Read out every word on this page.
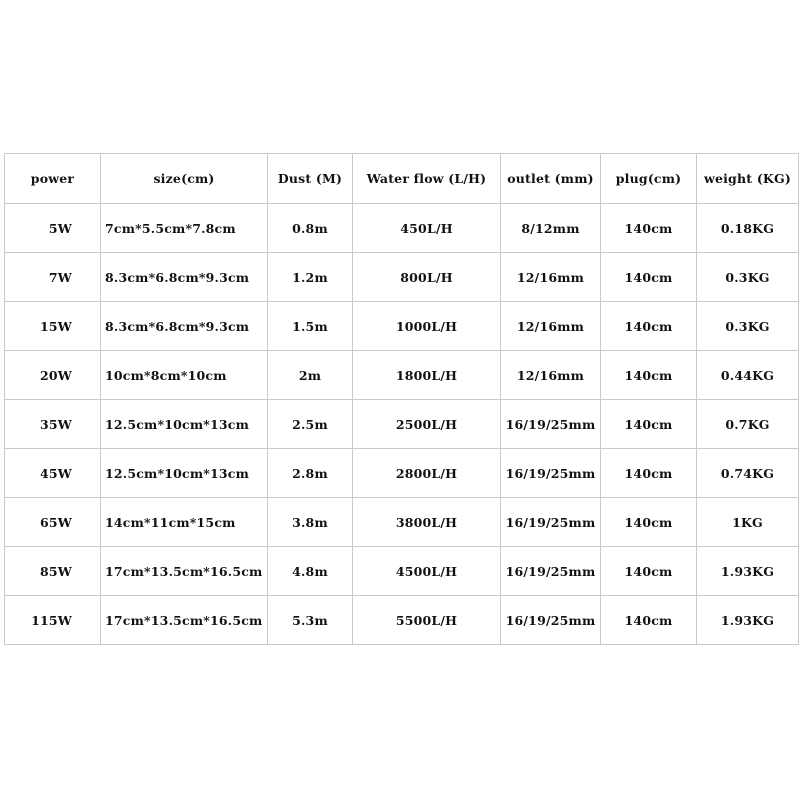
power	size(cm)	Dust (M)	Water flow (L/H)	outlet (mm)	plug(cm)	weight (KG)
5W	7cm*5.5cm*7.8cm	0.8m	450L/H	8/12mm	140cm	0.18KG
7W	8.3cm*6.8cm*9.3cm	1.2m	800L/H	12/16mm	140cm	0.3KG
15W	8.3cm*6.8cm*9.3cm	1.5m	1000L/H	12/16mm	140cm	0.3KG
20W	10cm*8cm*10cm	2m	1800L/H	12/16mm	140cm	0.44KG
35W	12.5cm*10cm*13cm	2.5m	2500L/H	16/19/25mm	140cm	0.7KG
45W	12.5cm*10cm*13cm	2.8m	2800L/H	16/19/25mm	140cm	0.74KG
65W	14cm*11cm*15cm	3.8m	3800L/H	16/19/25mm	140cm	1KG
85W	17cm*13.5cm*16.5cm	4.8m	4500L/H	16/19/25mm	140cm	1.93KG
115W	17cm*13.5cm*16.5cm	5.3m	5500L/H	16/19/25mm	140cm	1.93KG
